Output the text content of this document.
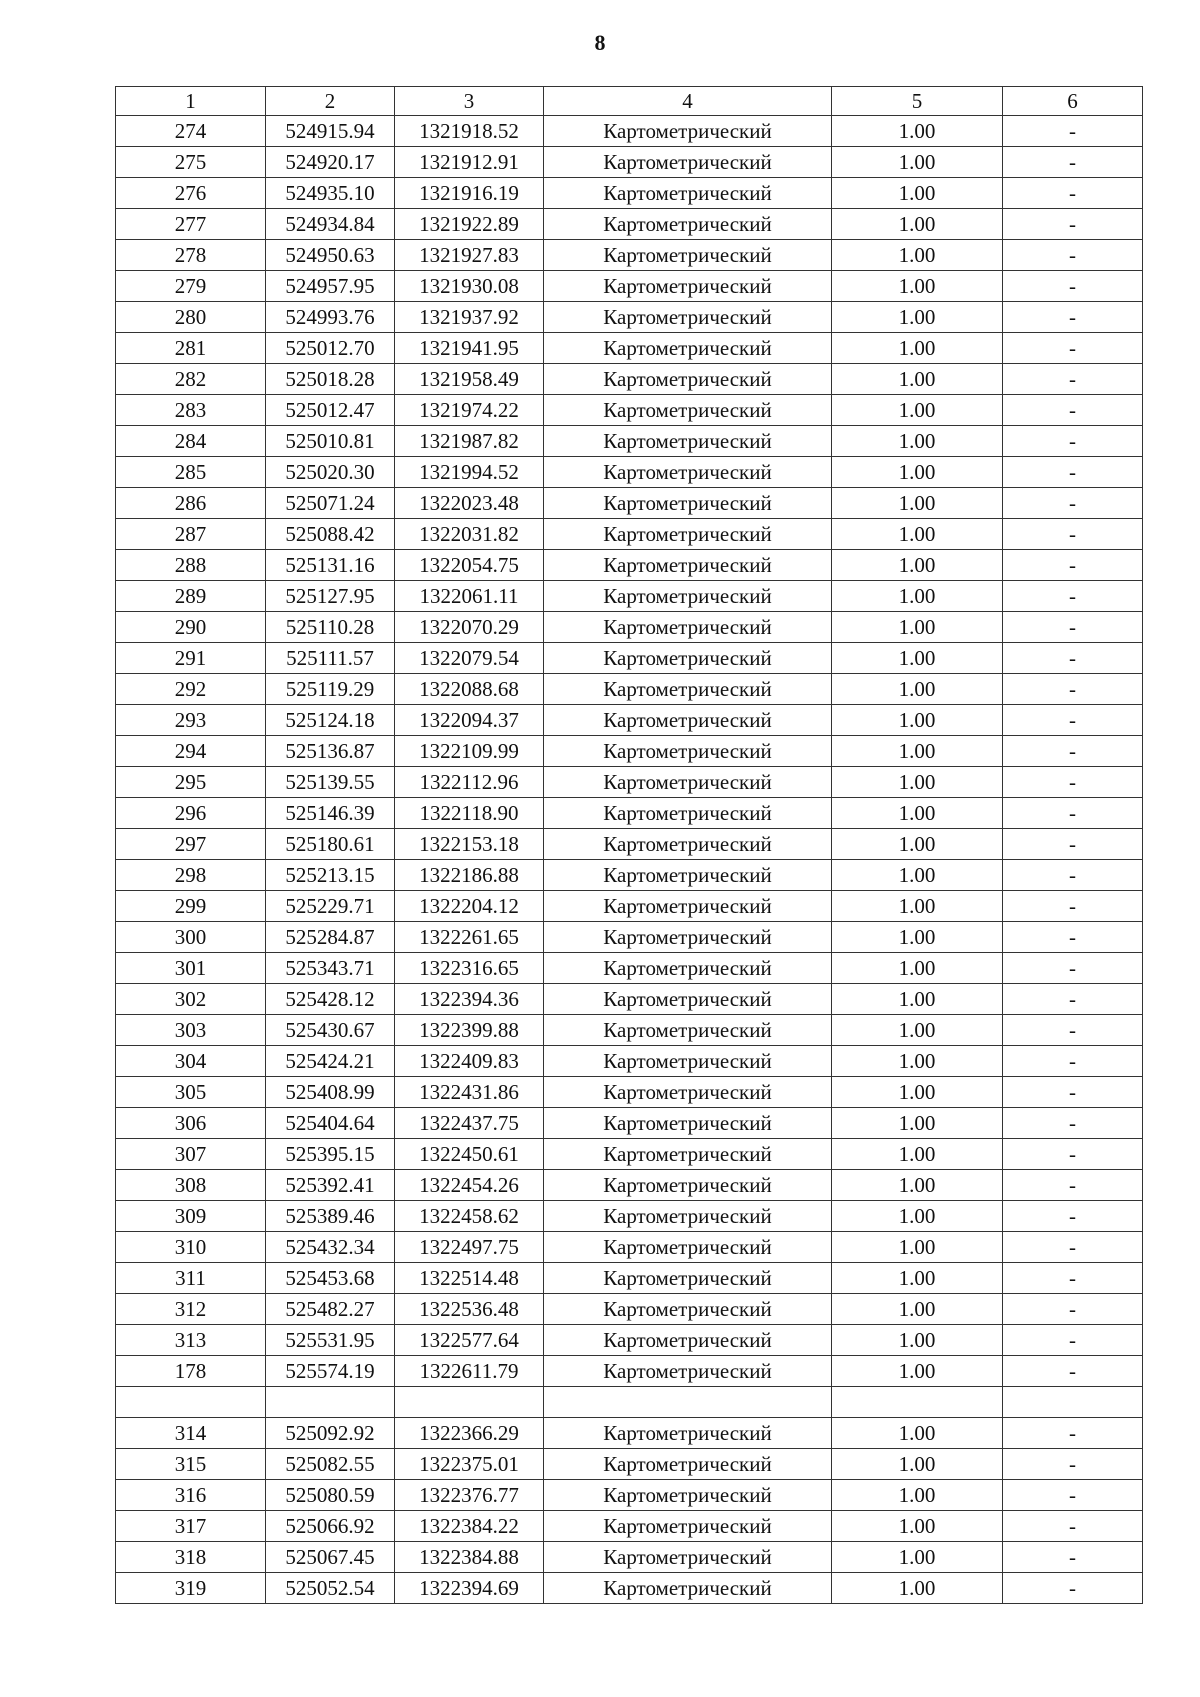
8
1	2	3	4	5	6
274	524915.94	1321918.52	Картометрический	1.00	-
275	524920.17	1321912.91	Картометрический	1.00	-
276	524935.10	1321916.19	Картометрический	1.00	-
277	524934.84	1321922.89	Картометрический	1.00	-
278	524950.63	1321927.83	Картометрический	1.00	-
279	524957.95	1321930.08	Картометрический	1.00	-
280	524993.76	1321937.92	Картометрический	1.00	-
281	525012.70	1321941.95	Картометрический	1.00	-
282	525018.28	1321958.49	Картометрический	1.00	-
283	525012.47	1321974.22	Картометрический	1.00	-
284	525010.81	1321987.82	Картометрический	1.00	-
285	525020.30	1321994.52	Картометрический	1.00	-
286	525071.24	1322023.48	Картометрический	1.00	-
287	525088.42	1322031.82	Картометрический	1.00	-
288	525131.16	1322054.75	Картометрический	1.00	-
289	525127.95	1322061.11	Картометрический	1.00	-
290	525110.28	1322070.29	Картометрический	1.00	-
291	525111.57	1322079.54	Картометрический	1.00	-
292	525119.29	1322088.68	Картометрический	1.00	-
293	525124.18	1322094.37	Картометрический	1.00	-
294	525136.87	1322109.99	Картометрический	1.00	-
295	525139.55	1322112.96	Картометрический	1.00	-
296	525146.39	1322118.90	Картометрический	1.00	-
297	525180.61	1322153.18	Картометрический	1.00	-
298	525213.15	1322186.88	Картометрический	1.00	-
299	525229.71	1322204.12	Картометрический	1.00	-
300	525284.87	1322261.65	Картометрический	1.00	-
301	525343.71	1322316.65	Картометрический	1.00	-
302	525428.12	1322394.36	Картометрический	1.00	-
303	525430.67	1322399.88	Картометрический	1.00	-
304	525424.21	1322409.83	Картометрический	1.00	-
305	525408.99	1322431.86	Картометрический	1.00	-
306	525404.64	1322437.75	Картометрический	1.00	-
307	525395.15	1322450.61	Картометрический	1.00	-
308	525392.41	1322454.26	Картометрический	1.00	-
309	525389.46	1322458.62	Картометрический	1.00	-
310	525432.34	1322497.75	Картометрический	1.00	-
311	525453.68	1322514.48	Картометрический	1.00	-
312	525482.27	1322536.48	Картометрический	1.00	-
313	525531.95	1322577.64	Картометрический	1.00	-
178	525574.19	1322611.79	Картометрический	1.00	-

314	525092.92	1322366.29	Картометрический	1.00	-
315	525082.55	1322375.01	Картометрический	1.00	-
316	525080.59	1322376.77	Картометрический	1.00	-
317	525066.92	1322384.22	Картометрический	1.00	-
318	525067.45	1322384.88	Картометрический	1.00	-
319	525052.54	1322394.69	Картометрический	1.00	-
